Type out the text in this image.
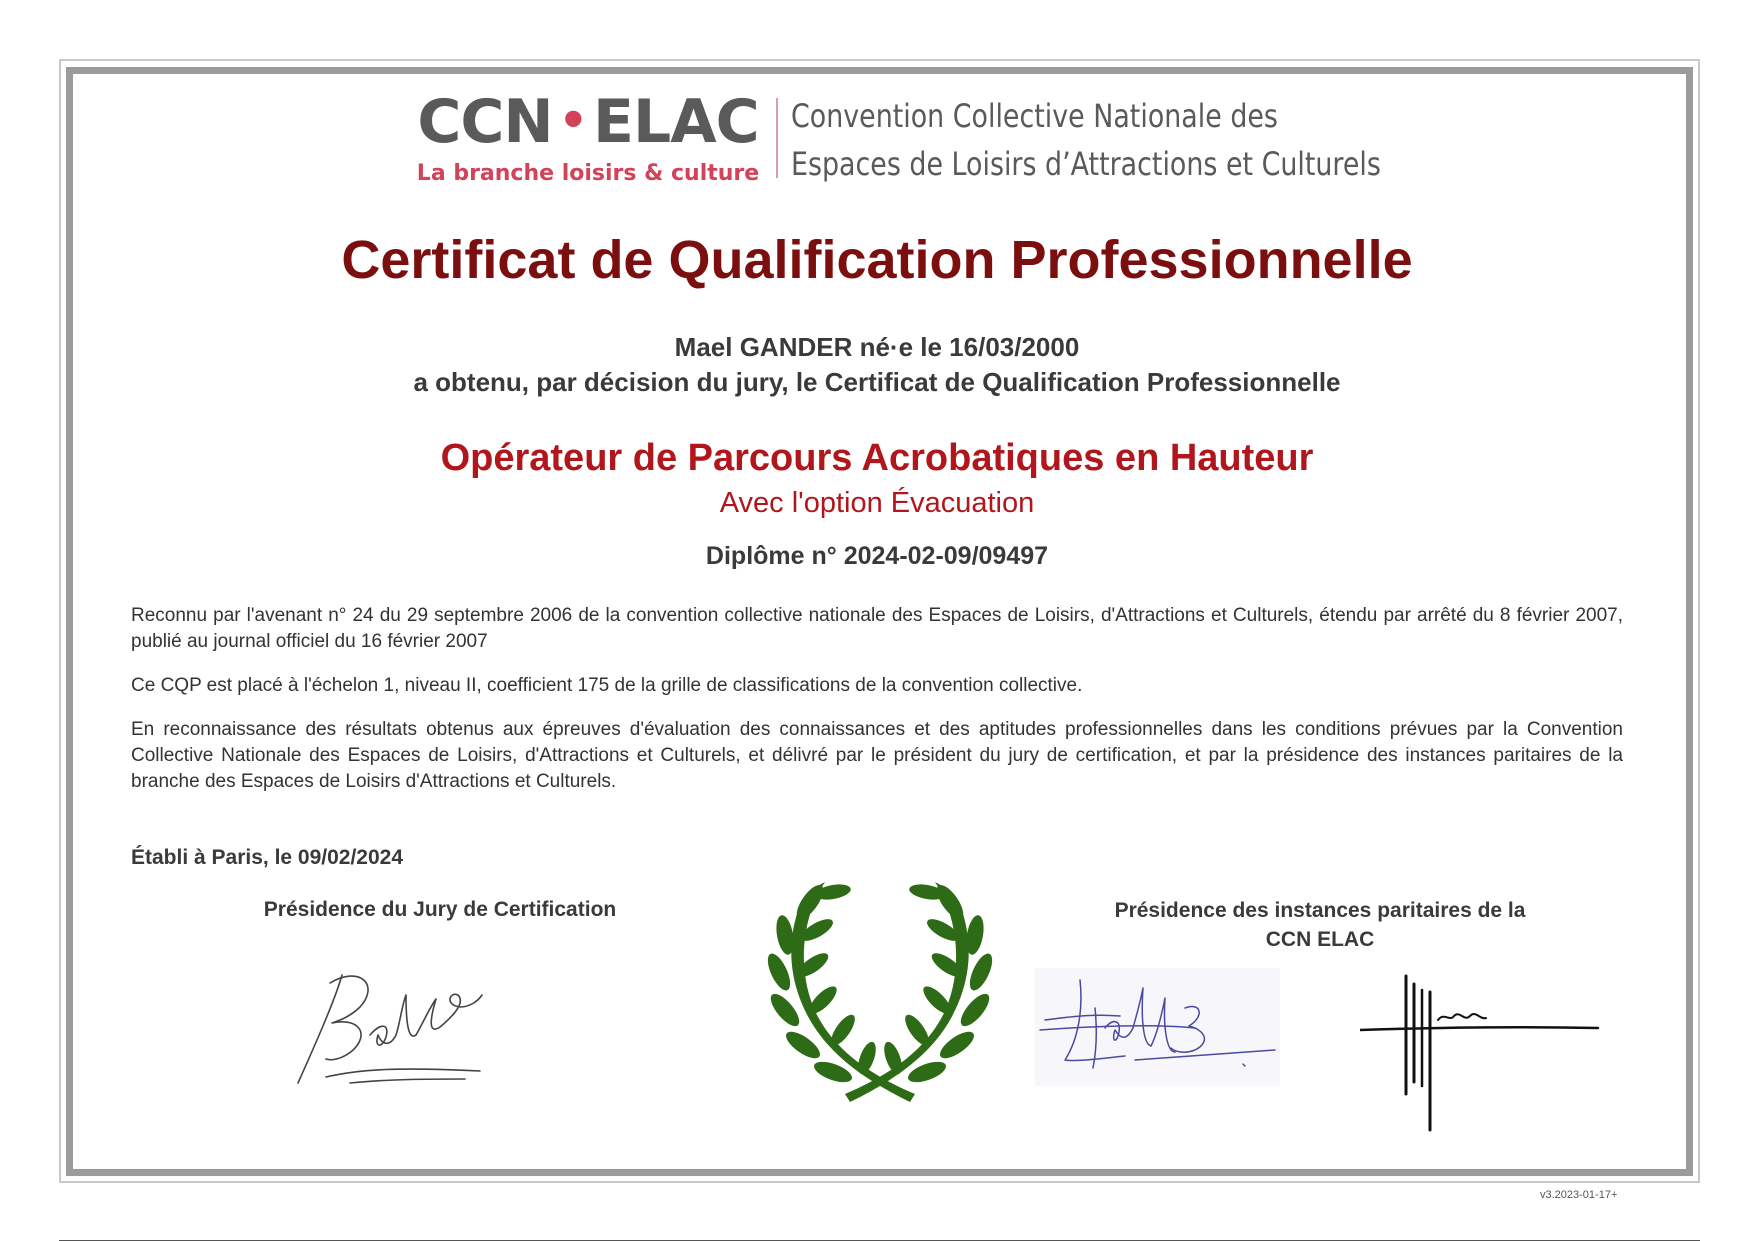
CCN • ELAC
La branche loisirs & culture
Convention Collective Nationale des
Espaces de Loisirs d’Attractions et Culturels
Certificat de Qualification Professionnelle
Mael GANDER né·e le 16/03/2000
a obtenu, par décision du jury, le Certificat de Qualification Professionnelle
Opérateur de Parcours Acrobatiques en Hauteur
Avec l'option Évacuation
Diplôme n° 2024-02-09/09497
Reconnu par l'avenant n° 24 du 29 septembre 2006 de la convention collective nationale des Espaces de Loisirs, d'Attractions et Culturels, étendu par arrêté du 8 février 2007, publié au journal officiel du 16 février 2007
Ce CQP est placé à l'échelon 1, niveau II, coefficient 175 de la grille de classifications de la convention collective.
En reconnaissance des résultats obtenus aux épreuves d'évaluation des connaissances et des aptitudes professionnelles dans les conditions prévues par la Convention Collective Nationale des Espaces de Loisirs, d'Attractions et Culturels, et délivré par le président du jury de certification, et par la présidence des instances paritaires de la branche des Espaces de Loisirs d'Attractions et Culturels.
Établi à Paris, le 09/02/2024
Présidence du Jury de Certification	Présidence des instances paritaires de la
CCN ELAC
v3.2023-01-17+
